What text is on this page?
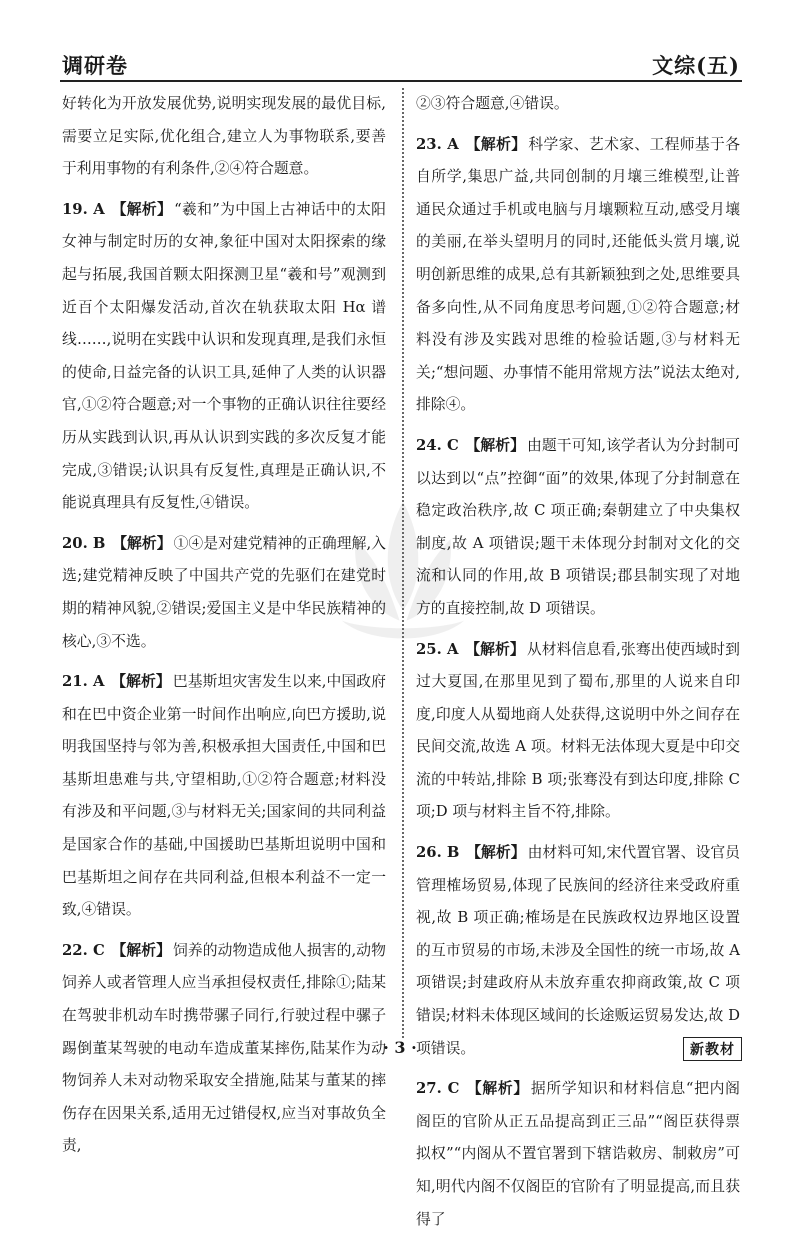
调研卷	文综(五)

好转化为开放发展优势,说明实现发展的最优目标,需要立足实际,优化组合,建立人为事物联系,要善于利用事物的有利条件,②④符合题意。

19. A 【解析】 “羲和”为中国上古神话中的太阳女神与制定时历的女神,象征中国对太阳探索的缘起与拓展,我国首颗太阳探测卫星“羲和号”观测到近百个太阳爆发活动,首次在轨获取太阳 Hα 谱线……,说明在实践中认识和发现真理,是我们永恒的使命,日益完备的认识工具,延伸了人类的认识器官,①②符合题意;对一个事物的正确认识往往要经历从实践到认识,再从认识到实践的多次反复才能完成,③错误;认识具有反复性,真理是正确认识,不能说真理具有反复性,④错误。

20. B 【解析】 ①④是对建党精神的正确理解,入选;建党精神反映了中国共产党的先驱们在建党时期的精神风貌,②错误;爱国主义是中华民族精神的核心,③不选。

21. A 【解析】 巴基斯坦灾害发生以来,中国政府和在巴中资企业第一时间作出响应,向巴方援助,说明我国坚持与邻为善,积极承担大国责任,中国和巴基斯坦患难与共,守望相助,①②符合题意;材料没有涉及和平问题,③与材料无关;国家间的共同利益是国家合作的基础,中国援助巴基斯坦说明中国和巴基斯坦之间存在共同利益,但根本利益不一定一致,④错误。

22. C 【解析】 饲养的动物造成他人损害的,动物饲养人或者管理人应当承担侵权责任,排除①;陆某在驾驶非机动车时携带骡子同行,行驶过程中骡子踢倒董某驾驶的电动车造成董某摔伤,陆某作为动物饲养人未对动物采取安全措施,陆某与董某的摔伤存在因果关系,适用无过错侵权,应当对事故负全责,

②③符合题意,④错误。

23. A 【解析】 科学家、艺术家、工程师基于各自所学,集思广益,共同创制的月壤三维模型,让普通民众通过手机或电脑与月壤颗粒互动,感受月壤的美丽,在举头望明月的同时,还能低头赏月壤,说明创新思维的成果,总有其新颖独到之处,思维要具备多向性,从不同角度思考问题,①②符合题意;材料没有涉及实践对思维的检验话题,③与材料无关;“想问题、办事情不能用常规方法”说法太绝对,排除④。

24. C 【解析】 由题干可知,该学者认为分封制可以达到以“点”控御“面”的效果,体现了分封制意在稳定政治秩序,故 C 项正确;秦朝建立了中央集权制度,故 A 项错误;题干未体现分封制对文化的交流和认同的作用,故 B 项错误;郡县制实现了对地方的直接控制,故 D 项错误。

25. A 【解析】 从材料信息看,张骞出使西域时到过大夏国,在那里见到了蜀布,那里的人说来自印度,印度人从蜀地商人处获得,这说明中外之间存在民间交流,故选 A 项。材料无法体现大夏是中印交流的中转站,排除 B 项;张骞没有到达印度,排除 C 项;D 项与材料主旨不符,排除。

26. B 【解析】 由材料可知,宋代置官署、设官员管理榷场贸易,体现了民族间的经济往来受政府重视,故 B 项正确;榷场是在民族政权边界地区设置的互市贸易的市场,未涉及全国性的统一市场,故 A 项错误;封建政府从未放弃重农抑商政策,故 C 项错误;材料未体现区域间的长途贩运贸易发达,故 D 项错误。

27. C 【解析】 据所学知识和材料信息“把内阁阁臣的官阶从正五品提高到正三品”“阁臣获得票拟权”“内阁从不置官署到下辖诰敕房、制敕房”可知,明代内阁不仅阁臣的官阶有了明显提高,而且获得了

· 3 ·	新教材
